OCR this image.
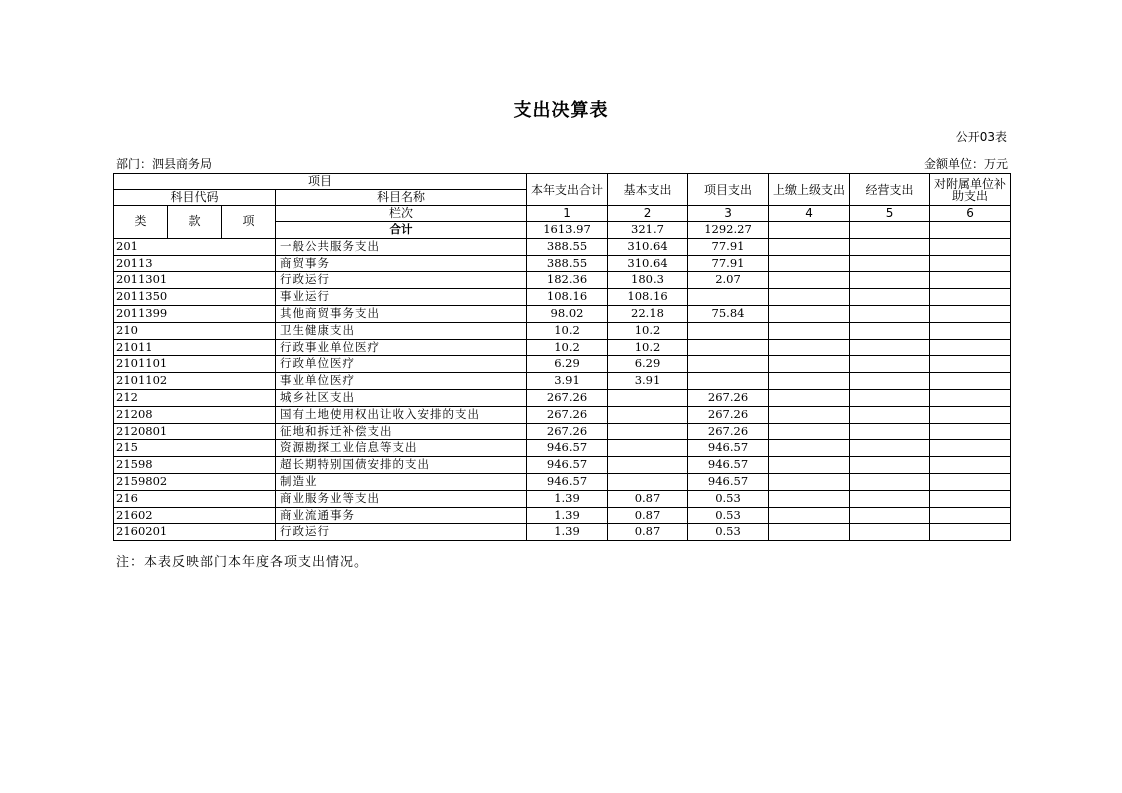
支出决算表
公开03表
部门：泗县商务局	金额单位：万元
项目				本年支出合计	基本支出	项目支出	上缴上级支出	经营支出	对附属单位补助支出
科目代码			科目名称						
类	款	项	栏次	1	2	3	4	5	6
			合计	1613.97	321.7	1292.27			
201			一般公共服务支出	388.55	310.64	77.91			
20113			商贸事务	388.55	310.64	77.91			
2011301			行政运行	182.36	180.3	2.07			
2011350			事业运行	108.16	108.16				
2011399			其他商贸事务支出	98.02	22.18	75.84			
210			卫生健康支出	10.2	10.2				
21011			行政事业单位医疗	10.2	10.2				
2101101			行政单位医疗	6.29	6.29				
2101102			事业单位医疗	3.91	3.91				
212			城乡社区支出	267.26		267.26			
21208			国有土地使用权出让收入安排的支出	267.26		267.26			
2120801			征地和拆迁补偿支出	267.26		267.26			
215			资源勘探工业信息等支出	946.57		946.57			
21598			超长期特别国债安排的支出	946.57		946.57			
2159802			制造业	946.57		946.57			
216			商业服务业等支出	1.39	0.87	0.53			
21602			商业流通事务	1.39	0.87	0.53			
2160201			行政运行	1.39	0.87	0.53			
注：本表反映部门本年度各项支出情况。
